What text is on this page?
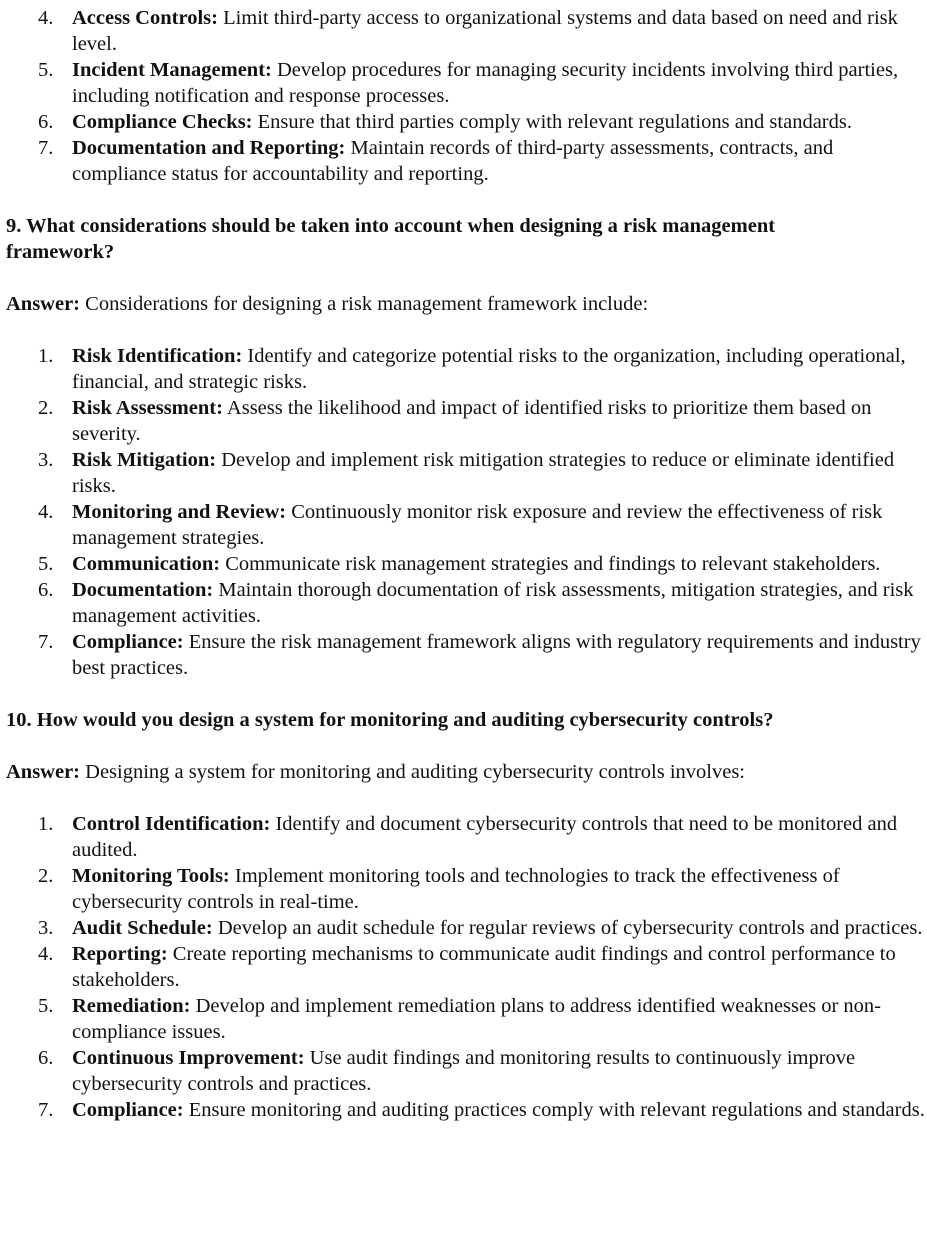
4. Access Controls: Limit third-party access to organizational systems and data based on need and risk level.
5. Incident Management: Develop procedures for managing security incidents involving third parties, including notification and response processes.
6. Compliance Checks: Ensure that third parties comply with relevant regulations and standards.
7. Documentation and Reporting: Maintain records of third-party assessments, contracts, and compliance status for accountability and reporting.
9. What considerations should be taken into account when designing a risk management framework?
Answer: Considerations for designing a risk management framework include:
1. Risk Identification: Identify and categorize potential risks to the organization, including operational, financial, and strategic risks.
2. Risk Assessment: Assess the likelihood and impact of identified risks to prioritize them based on severity.
3. Risk Mitigation: Develop and implement risk mitigation strategies to reduce or eliminate identified risks.
4. Monitoring and Review: Continuously monitor risk exposure and review the effectiveness of risk management strategies.
5. Communication: Communicate risk management strategies and findings to relevant stakeholders.
6. Documentation: Maintain thorough documentation of risk assessments, mitigation strategies, and risk management activities.
7. Compliance: Ensure the risk management framework aligns with regulatory requirements and industry best practices.
10. How would you design a system for monitoring and auditing cybersecurity controls?
Answer: Designing a system for monitoring and auditing cybersecurity controls involves:
1. Control Identification: Identify and document cybersecurity controls that need to be monitored and audited.
2. Monitoring Tools: Implement monitoring tools and technologies to track the effectiveness of cybersecurity controls in real-time.
3. Audit Schedule: Develop an audit schedule for regular reviews of cybersecurity controls and practices.
4. Reporting: Create reporting mechanisms to communicate audit findings and control performance to stakeholders.
5. Remediation: Develop and implement remediation plans to address identified weaknesses or non-compliance issues.
6. Continuous Improvement: Use audit findings and monitoring results to continuously improve cybersecurity controls and practices.
7. Compliance: Ensure monitoring and auditing practices comply with relevant regulations and standards.
